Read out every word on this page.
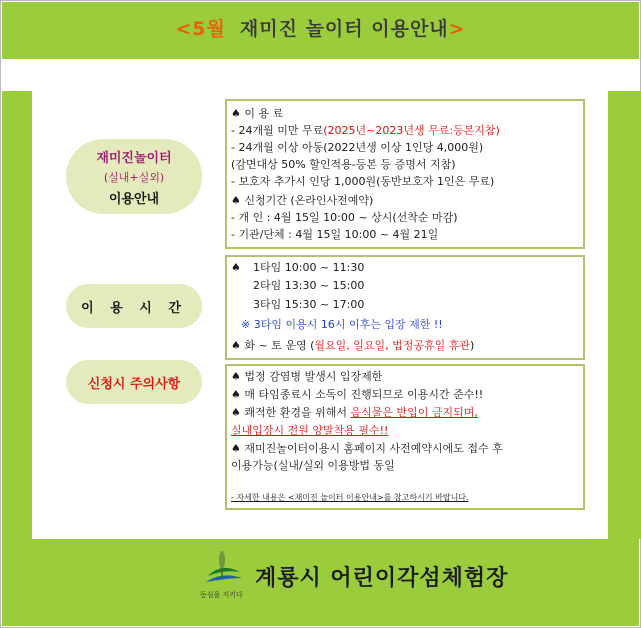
<5월 재미진 놀이터 이용안내>
재미진놀이터
(실내+실외)
이용안내
이 용 시 간
신청시 주의사항
♠ 이 용 료
- 24개월 미만 무료(2025년~2023년생 무료:등본지참)
- 24개월 이상 아동(2022년생 이상 1인당 4,000원)
(감면대상 50% 할인적용-등본 등 증명서 지참)
- 보호자 추가시 인당 1,000원(동반보호자 1인은 무료)
♠ 신청기간 (온라인사전예약)
- 개 인 : 4월 15일 10:00 ~ 상시(선착순 마감)
- 기관/단체 : 4월 15일 10:00 ~ 4월 21일
♠ 1타임 10:00 ~ 11:30
2타임 13:30 ~ 15:00
3타임 15:30 ~ 17:00
※ 3타임 이용시 16시 이후는 입장 제한 !!
♠ 화 ~ 토 운영 (월요일, 일요일, 법정공휴일 휴관)
♠ 법정 감염병 발생시 입장제한
♠ 매 타임종료시 소독이 진행되므로 이용시간 준수!!
♠ 쾌적한 환경을 위해서 음식물은 반입이 금지되며,
실내입장시 전원 양말착용 필수!!
♠ 재미진놀이터이용시 홈페이지 사전예약시에도 접수 후
이용가능(실내/실외 이용방법 동일
- 자세한 내용은 <재미진 놀이터 이용안내>를 참고하시기 바랍니다.
계룡시 어린이각섬체험장
동심을 지키다
